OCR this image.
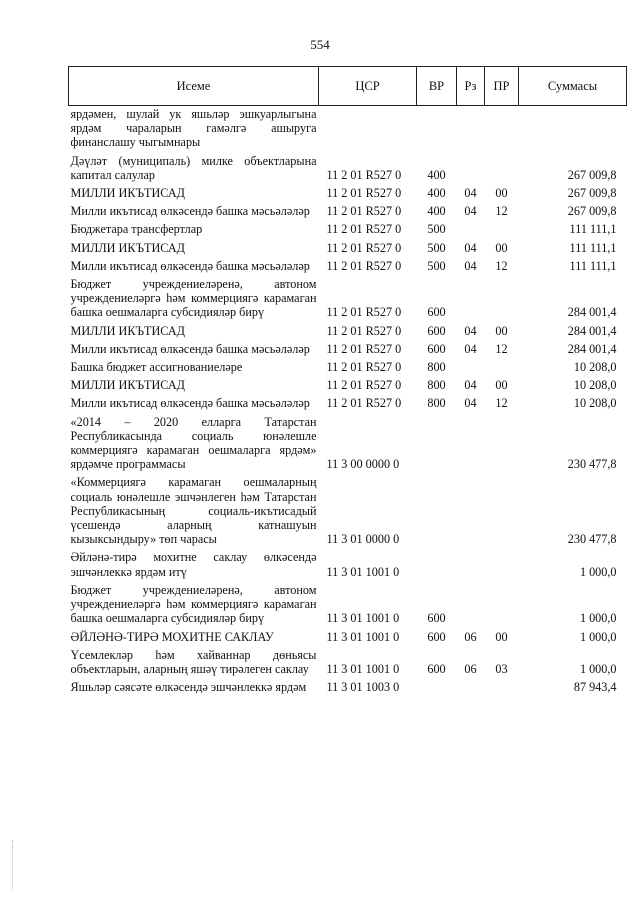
554
Исеме	ЦСР	ВР	Рз	ПР	Суммасы
ярдәмен, шулай ук яшьләр эшкуарлыгына ярдәм чараларын гамәлгә ашыруга финанслашу чыгымнары					
Дәүләт (муниципаль) милке объектларына капитал салулар	11 2 01 R527 0	400			267 009,8
МИЛЛИ ИКЪТИСАД	11 2 01 R527 0	400	04	00	267 009,8
Милли икътисад өлкәсендә башка мәсьәләләр	11 2 01 R527 0	400	04	12	267 009,8
Бюджетара трансфертлар	11 2 01 R527 0	500			111 111,1
МИЛЛИ ИКЪТИСАД	11 2 01 R527 0	500	04	00	111 111,1
Милли икътисад өлкәсендә башка мәсьәләләр	11 2 01 R527 0	500	04	12	111 111,1
Бюджет учреждениеләренә, автоном учреждениеләргә һәм коммерциягә карамаган башка оешмаларга субсидияләр бирү	11 2 01 R527 0	600			284 001,4
МИЛЛИ ИКЪТИСАД	11 2 01 R527 0	600	04	00	284 001,4
Милли икътисад өлкәсендә башка мәсьәләләр	11 2 01 R527 0	600	04	12	284 001,4
Башка бюджет ассигнованиеләре	11 2 01 R527 0	800			10 208,0
МИЛЛИ ИКЪТИСАД	11 2 01 R527 0	800	04	00	10 208,0
Милли икътисад өлкәсендә башка мәсьәләләр	11 2 01 R527 0	800	04	12	10 208,0
«2014 – 2020 елларга Татарстан Республикасында социаль юнәлешле коммерциягә карамаган оешмаларга ярдәм» ярдәмче программасы	11 3 00 0000 0				230 477,8
«Коммерциягә карамаган оешмаларның социаль юнәлешле эшчәнлеген һәм Татарстан Республикасының социаль-икътисадый үсешендә аларның катнашуын кызыксындыру» төп чарасы	11 3 01 0000 0				230 477,8
Әйләнә-тирә мохитне саклау өлкәсендә эшчәнлеккә ярдәм итү	11 3 01 1001 0				1 000,0
Бюджет учреждениеләренә, автоном учреждениеләргә һәм коммерциягә карамаган башка оешмаларга субсидияләр бирү	11 3 01 1001 0	600			1 000,0
ӘЙЛӘНӘ-ТИРӘ МОХИТНЕ САКЛАУ	11 3 01 1001 0	600	06	00	1 000,0
Үсемлекләр һәм хайваннар дөньясы объектларын, аларның яшәү тирәлеген саклау	11 3 01 1001 0	600	06	03	1 000,0
Яшьләр сәясәте өлкәсендә эшчәнлеккә ярдәм	11 3 01 1003 0				87 943,4
